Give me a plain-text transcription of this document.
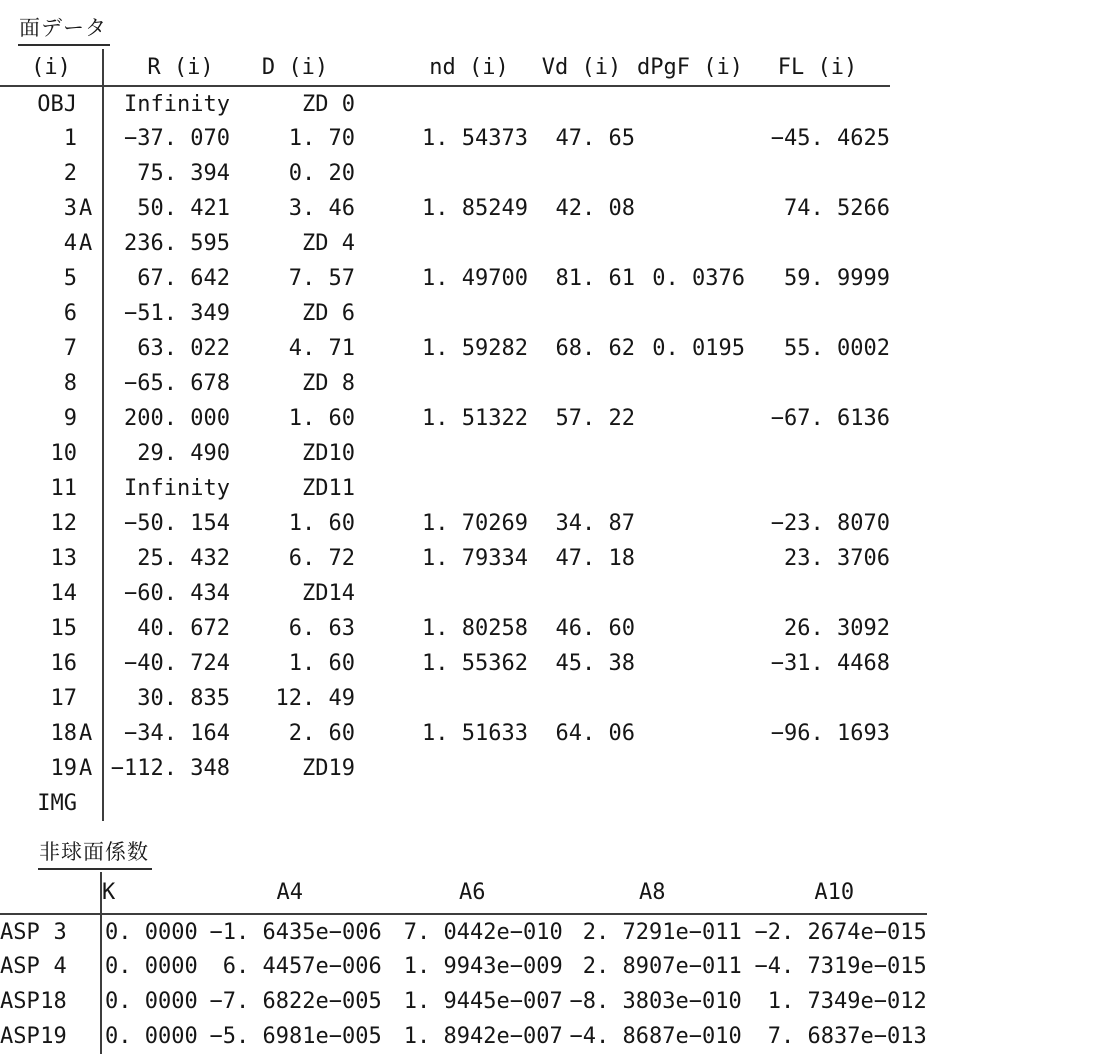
面データ
(i)	R (i)	D (i)	nd (i)	Vd (i)	dPgF (i)	FL (i)
OBJ	Infinity	ZD 0				
1	−37. 070	1. 70	1. 54373	47. 65		−45. 4625
2	75. 394	0. 20				
3A	50. 421	3. 46	1. 85249	42. 08		74. 5266
4A	236. 595	ZD 4				
5	67. 642	7. 57	1. 49700	81. 61	0. 0376	59. 9999
6	−51. 349	ZD 6				
7	63. 022	4. 71	1. 59282	68. 62	0. 0195	55. 0002
8	−65. 678	ZD 8				
9	200. 000	1. 60	1. 51322	57. 22		−67. 6136
10	29. 490	ZD10				
11	Infinity	ZD11				
12	−50. 154	1. 60	1. 70269	34. 87		−23. 8070
13	25. 432	6. 72	1. 79334	47. 18		23. 3706
14	−60. 434	ZD14				
15	40. 672	6. 63	1. 80258	46. 60		26. 3092
16	−40. 724	1. 60	1. 55362	45. 38		−31. 4468
17	30. 835	12. 49				
18A	−34. 164	2. 60	1. 51633	64. 06		−96. 1693
19A	−112. 348	ZD19				
IMG						
非球面係数
	K	A4	A6	A8	A10
ASP 3	0. 0000	−1. 6435e−006	7. 0442e−010	2. 7291e−011	−2. 2674e−015
ASP 4	0. 0000	6. 4457e−006	1. 9943e−009	2. 8907e−011	−4. 7319e−015
ASP18	0. 0000	−7. 6822e−005	1. 9445e−007	−8. 3803e−010	1. 7349e−012
ASP19	0. 0000	−5. 6981e−005	1. 8942e−007	−4. 8687e−010	7. 6837e−013
